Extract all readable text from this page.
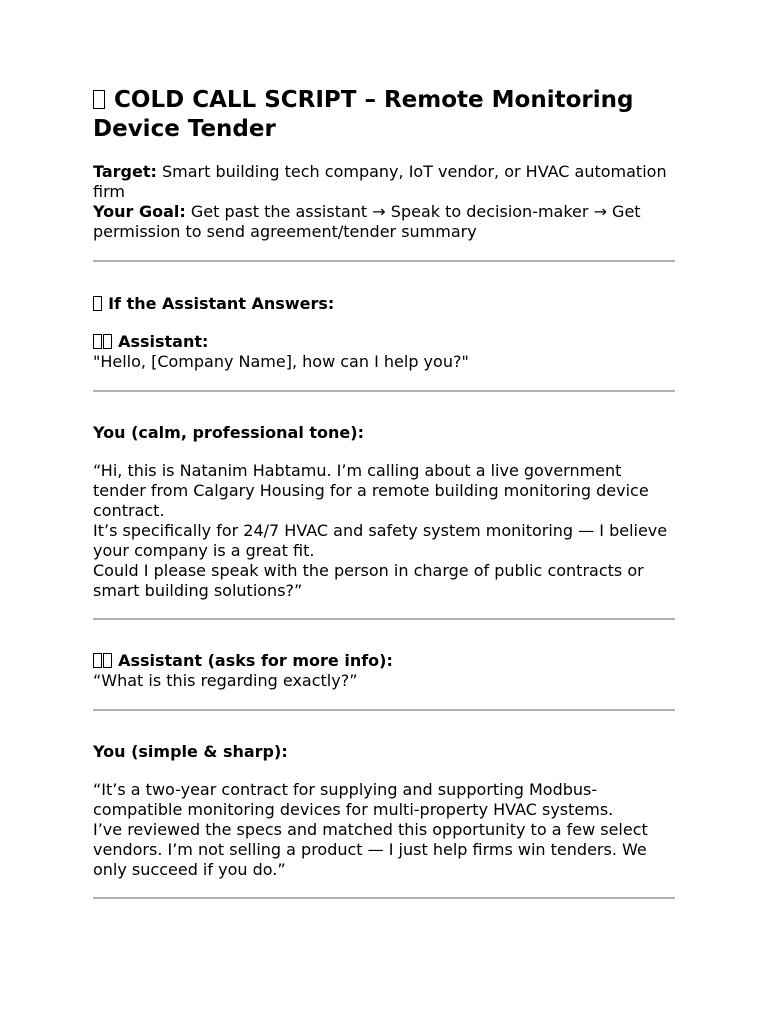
COLD CALL SCRIPT – Remote Monitoring Device Tender

Target: Smart building tech company, IoT vendor, or HVAC automation firm

Your Goal: Get past the assistant → Speak to decision-maker → Get permission to send agreement/tender summary

If the Assistant Answers:

Assistant:

"Hello, [Company Name], how can I help you?"

You (calm, professional tone):

“Hi, this is Natanim Habtamu. I’m calling about a live government tender from Calgary Housing for a remote building monitoring device contract.

It’s specifically for 24/7 HVAC and safety system monitoring — I believe your company is a great fit.

Could I please speak with the person in charge of public contracts or smart building solutions?”

Assistant (asks for more info):

“What is this regarding exactly?”

You (simple & sharp):

“It’s a two-year contract for supplying and supporting Modbus-compatible monitoring devices for multi-property HVAC systems.

I’ve reviewed the specs and matched this opportunity to a few select vendors. I’m not selling a product — I just help firms win tenders. We only succeed if you do.”
